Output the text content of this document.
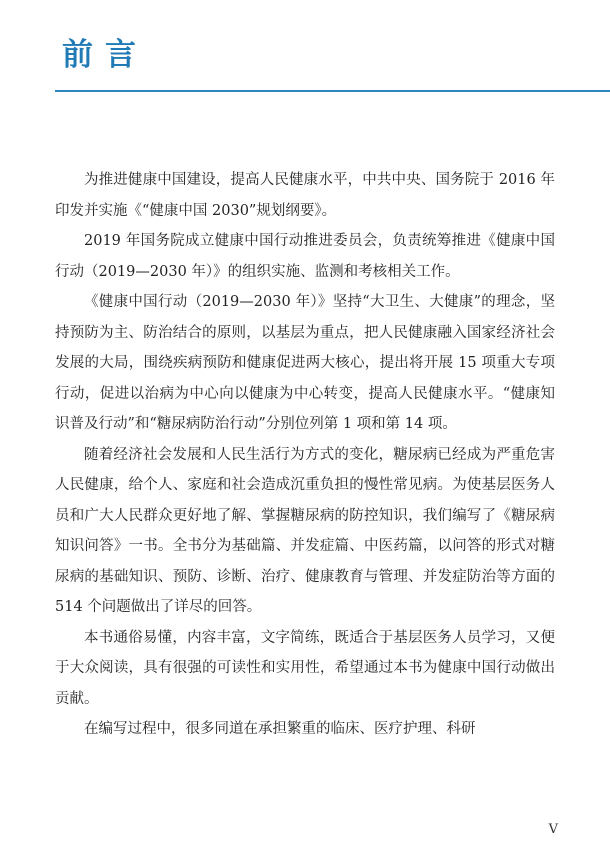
前言

为推进健康中国建设，提高人民健康水平，中共中央、国务院于 2016 年印发并实施《“健康中国 2030”规划纲要》。

2019 年国务院成立健康中国行动推进委员会，负责统筹推进《健康中国行动（2019—2030 年）》的组织实施、监测和考核相关工作。

《健康中国行动（2019—2030 年）》坚持“大卫生、大健康”的理念，坚持预防为主、防治结合的原则，以基层为重点，把人民健康融入国家经济社会发展的大局，围绕疾病预防和健康促进两大核心，提出将开展 15 项重大专项行动，促进以治病为中心向以健康为中心转变，提高人民健康水平。“健康知识普及行动”和“糖尿病防治行动”分别位列第 1 项和第 14 项。

随着经济社会发展和人民生活行为方式的变化，糖尿病已经成为严重危害人民健康，给个人、家庭和社会造成沉重负担的慢性常见病。为使基层医务人员和广大人民群众更好地了解、掌握糖尿病的防控知识，我们编写了《糖尿病知识问答》一书。全书分为基础篇、并发症篇、中医药篇，以问答的形式对糖尿病的基础知识、预防、诊断、治疗、健康教育与管理、并发症防治等方面的 514 个问题做出了详尽的回答。

本书通俗易懂，内容丰富，文字简练，既适合于基层医务人员学习，又便于大众阅读，具有很强的可读性和实用性，希望通过本书为健康中国行动做出贡献。

在编写过程中，很多同道在承担繁重的临床、医疗护理、科研

V
